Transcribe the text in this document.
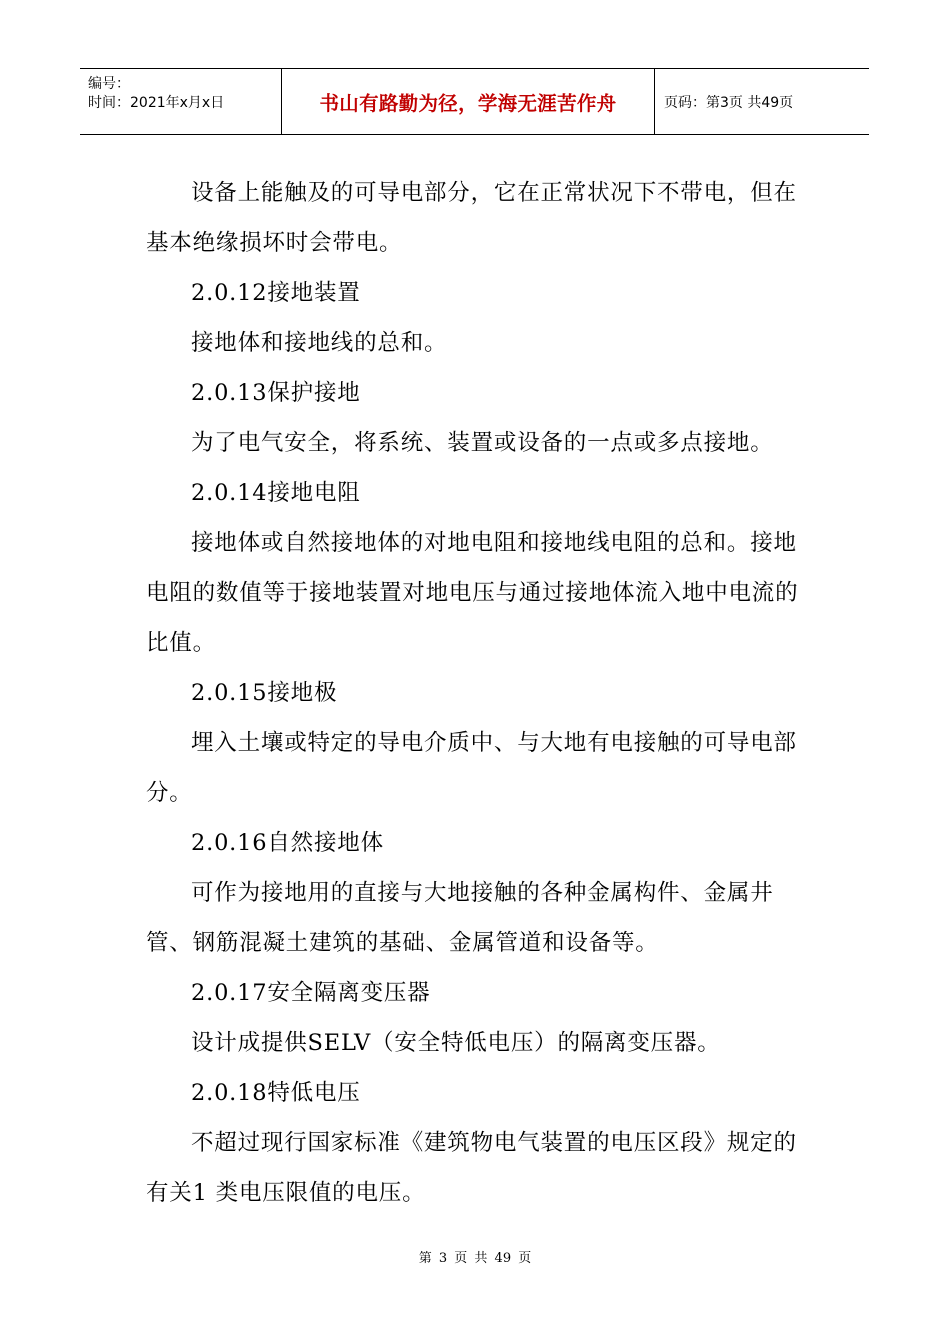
编号：
时间：2021年x月x日	书山有路勤为径，学海无涯苦作舟	页码：第3页 共49页

设备上能触及的可导电部分，它在正常状况下不带电，但在基本绝缘损坏时会带电。

2.0.12接地装置

接地体和接地线的总和。

2.0.13保护接地

为了电气安全，将系统、装置或设备的一点或多点接地。

2.0.14接地电阻

接地体或自然接地体的对地电阻和接地线电阻的总和。接地电阻的数值等于接地装置对地电压与通过接地体流入地中电流的比值。

2.0.15接地极

埋入土壤或特定的导电介质中、与大地有电接触的可导电部分。

2.0.16自然接地体

可作为接地用的直接与大地接触的各种金属构件、金属井管、钢筋混凝土建筑的基础、金属管道和设备等。

2.0.17安全隔离变压器

设计成提供SELV（安全特低电压）的隔离变压器。

2.0.18特低电压

不超过现行国家标准《建筑物电气装置的电压区段》规定的有关1 类电压限值的电压。

第 3 页 共 49 页
